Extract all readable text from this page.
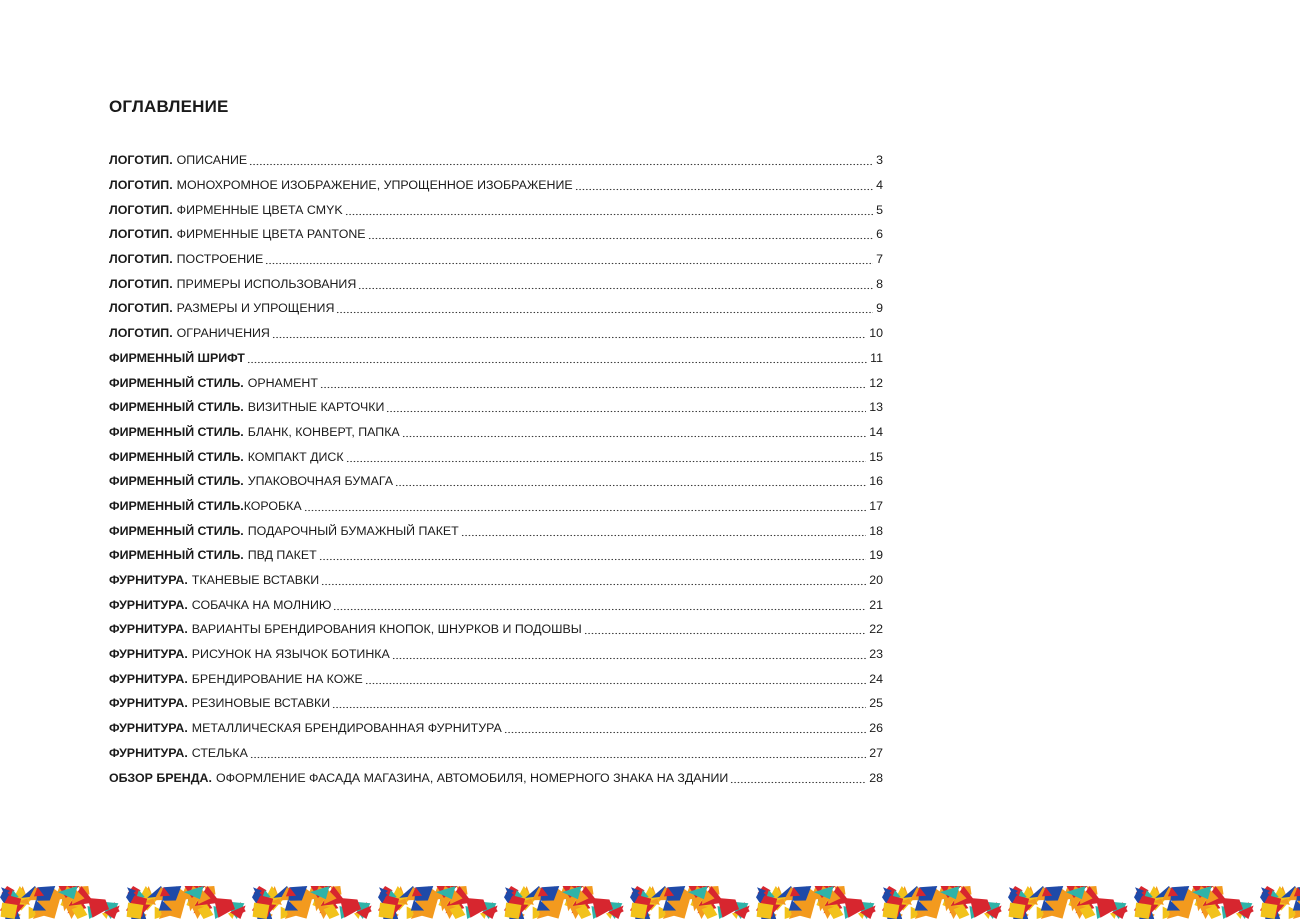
ОГЛАВЛЕНИЕ
ЛОГОТИП. ОПИСАНИЕ	3
ЛОГОТИП. МОНОХРОМНОЕ ИЗОБРАЖЕНИЕ, УПРОЩЕННОЕ ИЗОБРАЖЕНИЕ	4
ЛОГОТИП. ФИРМЕННЫЕ ЦВЕТА CMYK	5
ЛОГОТИП. ФИРМЕННЫЕ ЦВЕТА PANTONE	6
ЛОГОТИП. ПОСТРОЕНИЕ	7
ЛОГОТИП. ПРИМЕРЫ ИСПОЛЬЗОВАНИЯ	8
ЛОГОТИП. РАЗМЕРЫ И УПРОЩЕНИЯ	9
ЛОГОТИП. ОГРАНИЧЕНИЯ	10
ФИРМЕННЫЙ ШРИФТ	11
ФИРМЕННЫЙ СТИЛЬ. ОРНАМЕНТ	12
ФИРМЕННЫЙ СТИЛЬ. ВИЗИТНЫЕ КАРТОЧКИ	13
ФИРМЕННЫЙ СТИЛЬ. БЛАНК, КОНВЕРТ, ПАПКА	14
ФИРМЕННЫЙ СТИЛЬ. КОМПАКТ ДИСК	15
ФИРМЕННЫЙ СТИЛЬ. УПАКОВОЧНАЯ БУМАГА	16
ФИРМЕННЫЙ СТИЛЬ. КОРОБКА	17
ФИРМЕННЫЙ СТИЛЬ. ПОДАРОЧНЫЙ БУМАЖНЫЙ ПАКЕТ	18
ФИРМЕННЫЙ СТИЛЬ. ПВД ПАКЕТ	19
ФУРНИТУРА. ТКАНЕВЫЕ ВСТАВКИ	20
ФУРНИТУРА. СОБАЧКА НА МОЛНИЮ	21
ФУРНИТУРА. ВАРИАНТЫ БРЕНДИРОВАНИЯ КНОПОК, ШНУРКОВ И ПОДОШВЫ	22
ФУРНИТУРА. РИСУНОК НА ЯЗЫЧОК БОТИНКА	23
ФУРНИТУРА. БРЕНДИРОВАНИЕ НА КОЖЕ	24
ФУРНИТУРА. РЕЗИНОВЫЕ ВСТАВКИ	25
ФУРНИТУРА. МЕТАЛЛИЧЕСКАЯ БРЕНДИРОВАННАЯ ФУРНИТУРА	26
ФУРНИТУРА. СТЕЛЬКА	27
ОБЗОР БРЕНДА. ОФОРМЛЕНИЕ ФАСАДА МАГАЗИНА, АВТОМОБИЛЯ, НОМЕРНОГО ЗНАКА НА ЗДАНИИ	28
